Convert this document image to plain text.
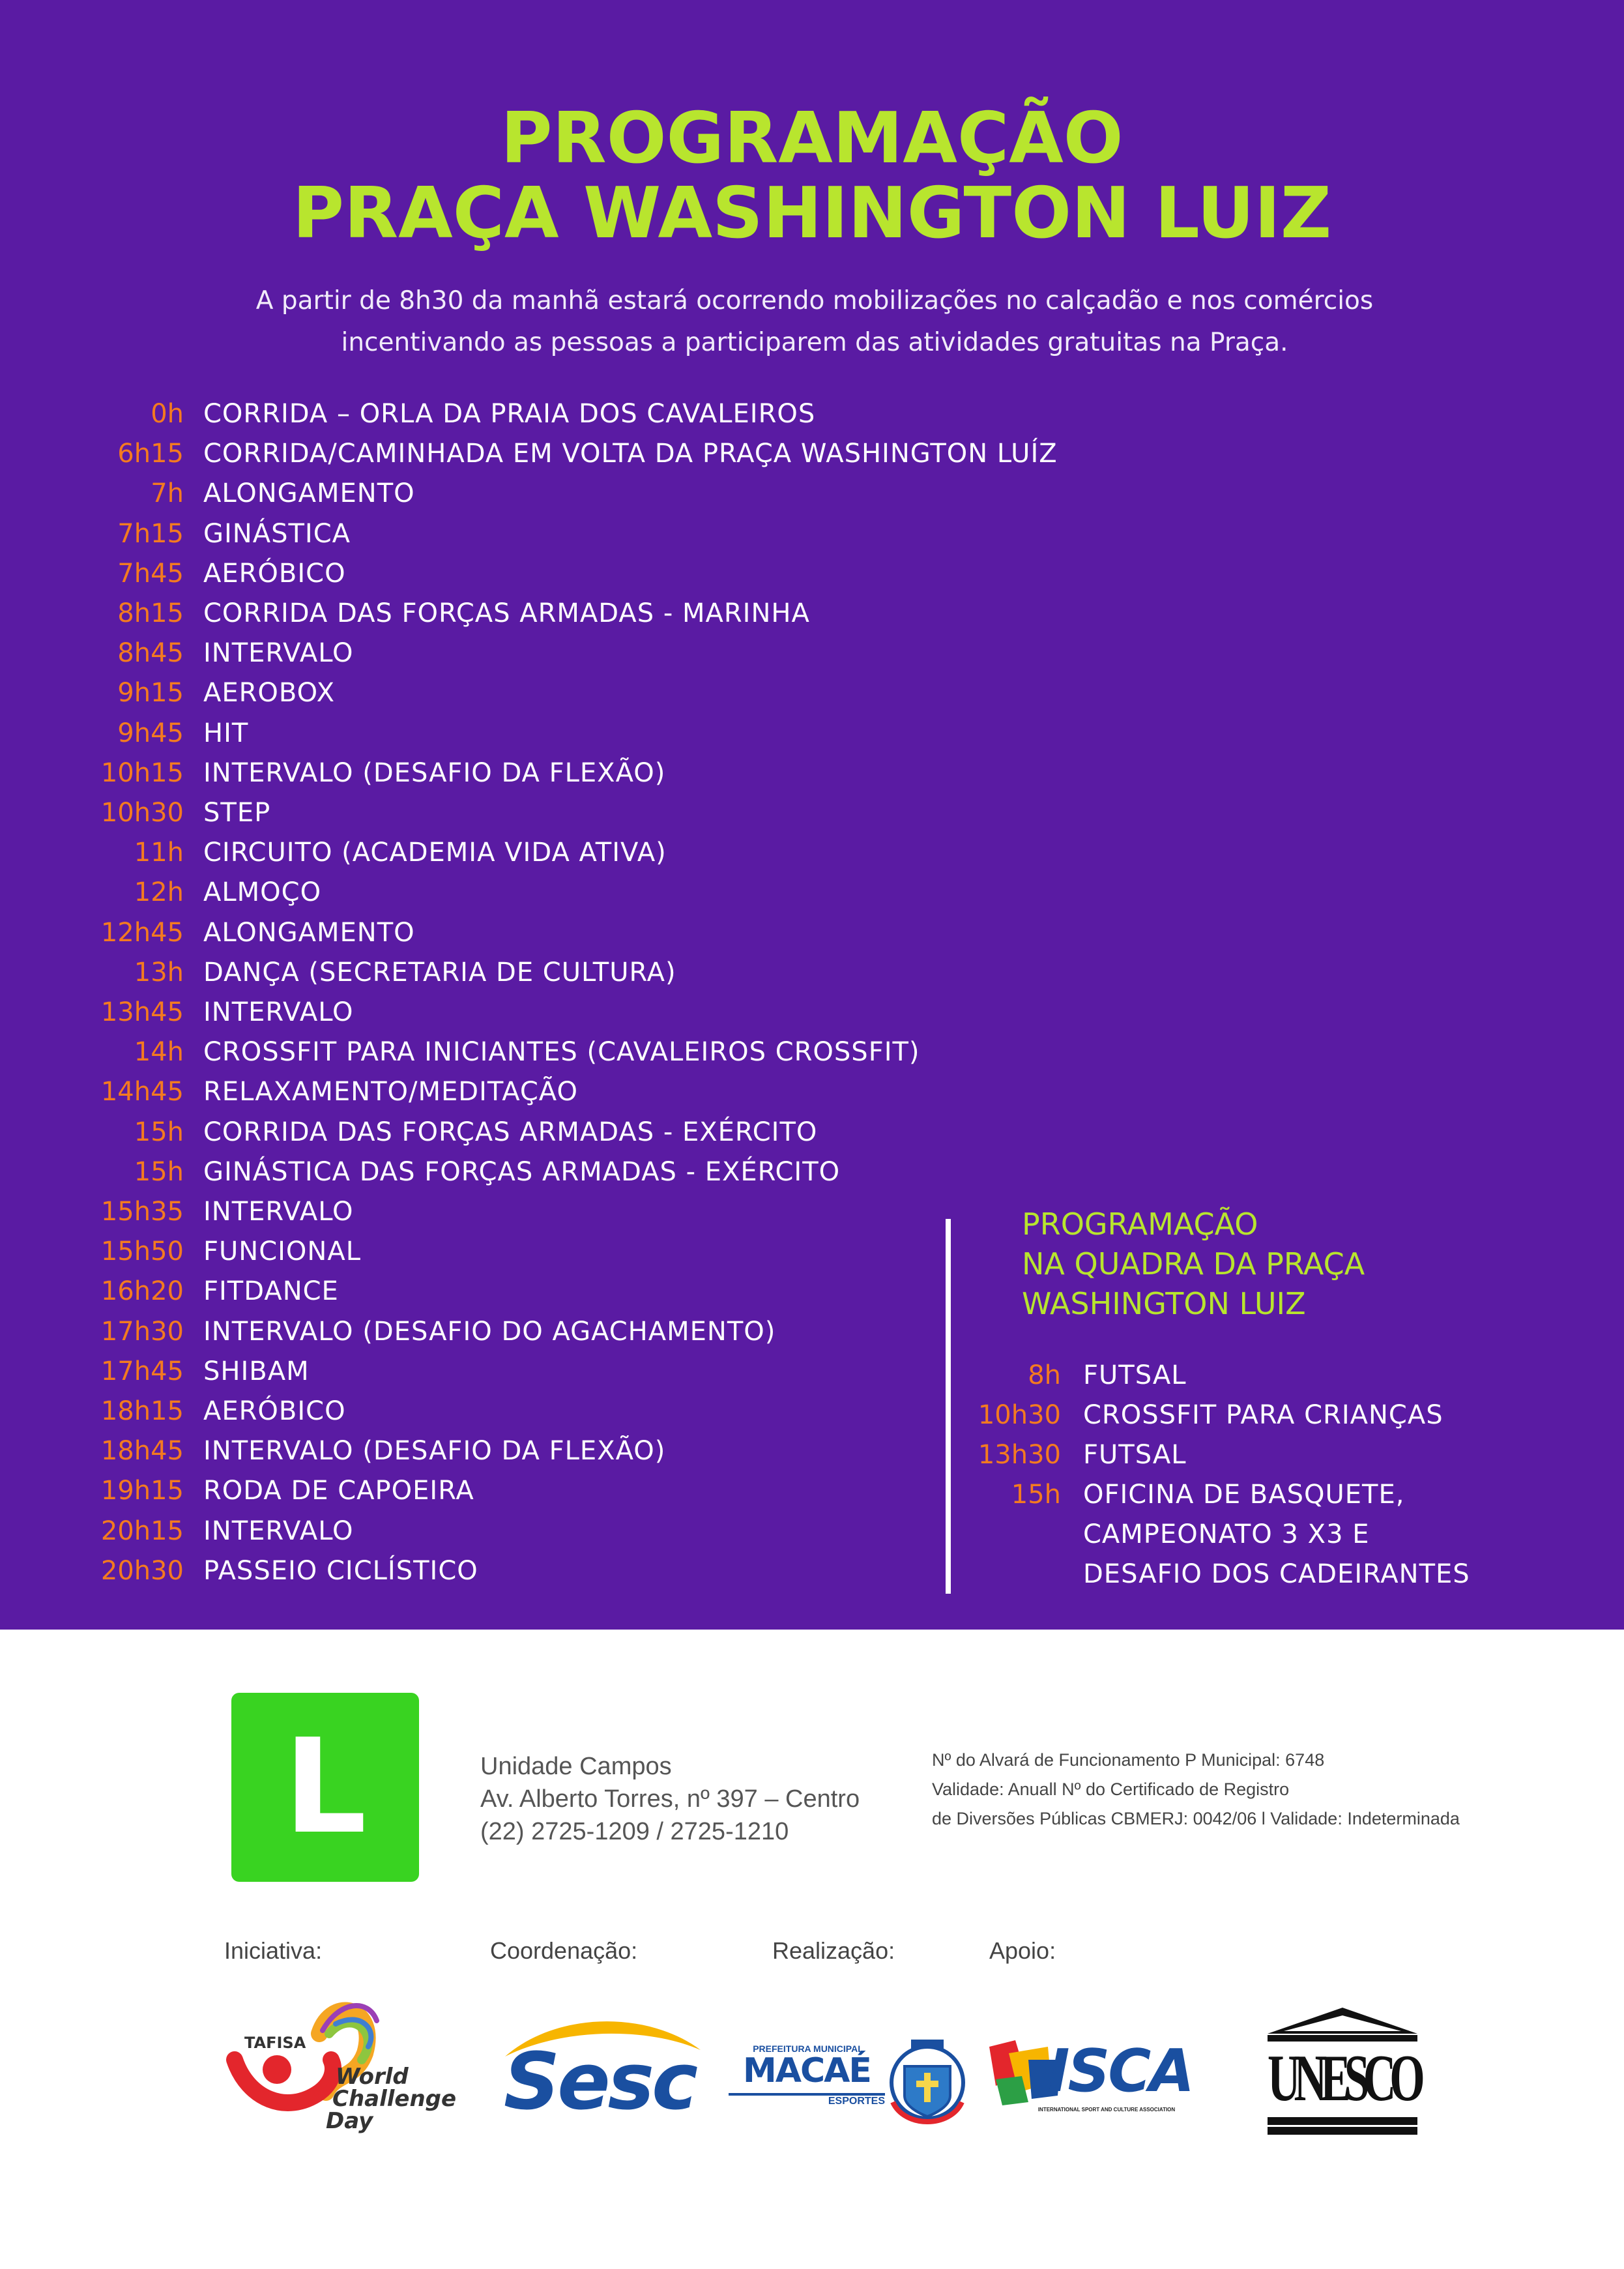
PROGRAMAÇÃO
PRAÇA WASHINGTON LUIZ
A partir de 8h30 da manhã estará ocorrendo mobilizações no calçadão e nos comércios
incentivando as pessoas a participarem das atividades gratuitas na Praça.
0h CORRIDA – ORLA DA PRAIA DOS CAVALEIROS
6h15 CORRIDA/CAMINHADA EM VOLTA DA PRAÇA WASHINGTON LUÍZ
7h ALONGAMENTO
7h15 GINÁSTICA
7h45 AERÓBICO
8h15 CORRIDA DAS FORÇAS ARMADAS - MARINHA
8h45 INTERVALO
9h15 AEROBOX
9h45 HIT
10h15 INTERVALO (DESAFIO DA FLEXÃO)
10h30 STEP
11h CIRCUITO (ACADEMIA VIDA ATIVA)
12h ALMOÇO
12h45 ALONGAMENTO
13h DANÇA (SECRETARIA DE CULTURA)
13h45 INTERVALO
14h CROSSFIT PARA INICIANTES (CAVALEIROS CROSSFIT)
14h45 RELAXAMENTO/MEDITAÇÃO
15h CORRIDA DAS FORÇAS ARMADAS - EXÉRCITO
15h GINÁSTICA DAS FORÇAS ARMADAS - EXÉRCITO
15h35 INTERVALO
15h50 FUNCIONAL
16h20 FITDANCE
17h30 INTERVALO (DESAFIO DO AGACHAMENTO)
17h45 SHIBAM
18h15 AERÓBICO
18h45 INTERVALO (DESAFIO DA FLEXÃO)
19h15 RODA DE CAPOEIRA
20h15 INTERVALO
20h30 PASSEIO CICLÍSTICO
PROGRAMAÇÃO
NA QUADRA DA PRAÇA
WASHINGTON LUIZ
8h FUTSAL
10h30 CROSSFIT PARA CRIANÇAS
13h30 FUTSAL
15h OFICINA DE BASQUETE,
CAMPEONATO 3 X3 E
DESAFIO DOS CADEIRANTES
L	Unidade Campos
Av. Alberto Torres, nº 397 – Centro
(22) 2725-1209 / 2725-1210
Nº do Alvará de Funcionamento P Municipal: 6748
Validade: Anuall Nº do Certificado de Registro
de Diversões Públicas CBMERJ: 0042/06 l Validade: Indeterminada
Iniciativa:	Coordenação:	Realização:	Apoio:
TAFISA
World
Challenge
Day Sesc	PREFEITURA MUNICIPAL
MACAÉ
ESPORTES	ISCA
INTERNATIONAL SPORT AND CULTURE ASSOCIATION	UNESCO
